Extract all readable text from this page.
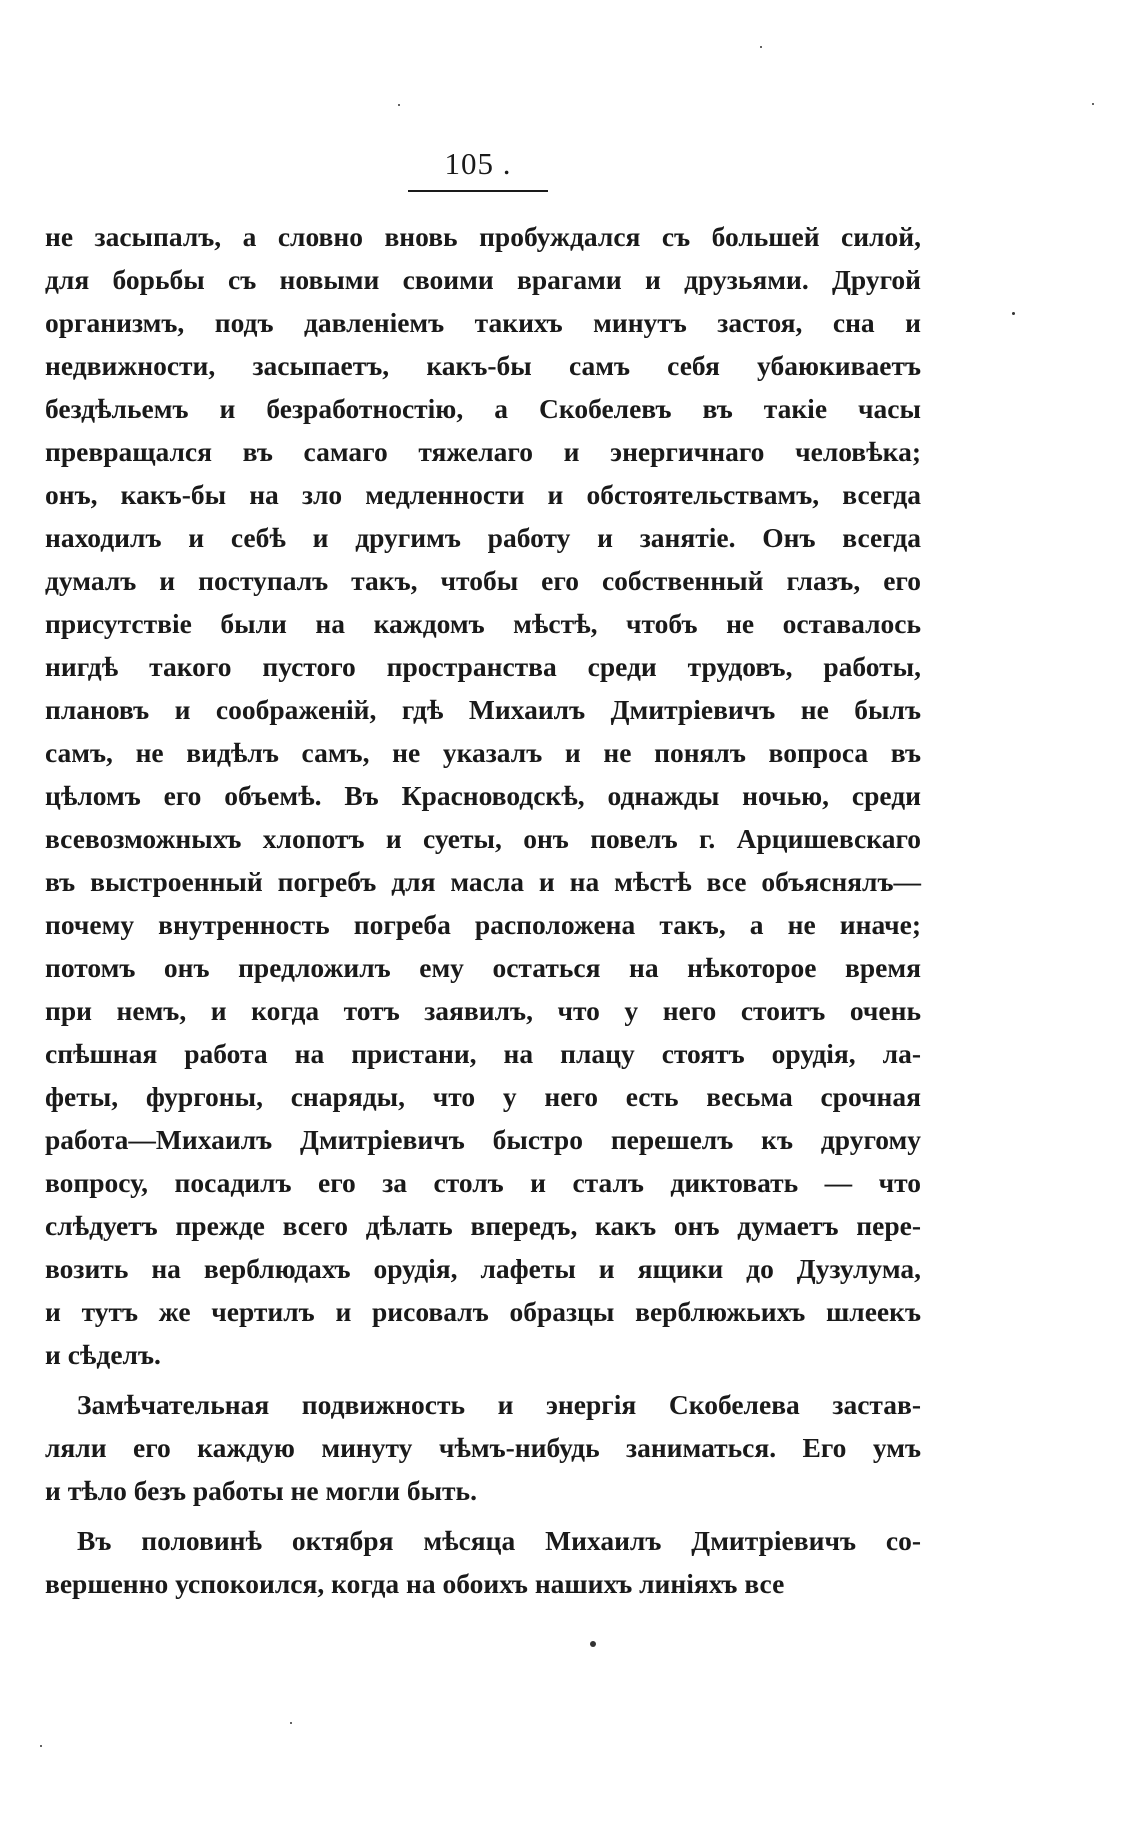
105 .
не засыпалъ, а словно вновь пробуждался съ большей силой,
для борьбы съ новыми своими врагами и друзьями. Другой
организмъ, подъ давленіемъ такихъ минутъ застоя, сна и
недвижности, засыпаетъ, какъ-бы самъ себя убаюкиваетъ
бездѣльемъ и безработностію, а Скобелевъ въ такіе часы
превращался въ самаго тяжелаго и энергичнаго человѣка;
онъ, какъ-бы на зло медленности и обстоятельствамъ, всегда
находилъ и себѣ и другимъ работу и занятіе. Онъ всегда
думалъ и поступалъ такъ, чтобы его собственный глазъ, его
присутствіе были на каждомъ мѣстѣ, чтобъ не оставалось
нигдѣ такого пустого пространства среди трудовъ, работы,
плановъ и соображеній, гдѣ Михаилъ Дмитріевичъ не былъ
самъ, не видѣлъ самъ, не указалъ и не понялъ вопроса въ
цѣломъ его объемѣ. Въ Красноводскѣ, однажды ночью, среди
всевозможныхъ хлопотъ и суеты, онъ повелъ г. Арцишевскаго
въ выстроенный погребъ для масла и на мѣстѣ все объяснялъ—
почему внутренность погреба расположена такъ, а не иначе;
потомъ онъ предложилъ ему остаться на нѣкоторое время
при немъ, и когда тотъ заявилъ, что у него стоитъ очень
спѣшная работа на пристани, на плацу стоятъ орудія, ла-
феты, фургоны, снаряды, что у него есть весьма срочная
работа—Михаилъ Дмитріевичъ быстро перешелъ къ другому
вопросу, посадилъ его за столъ и сталъ диктовать — что
слѣдуетъ прежде всего дѣлать впередъ, какъ онъ думаетъ пере-
возить на верблюдахъ орудія, лафеты и ящики до Дузулума,
и тутъ же чертилъ и рисовалъ образцы верблюжьихъ шлеекъ
и сѣделъ.
Замѣчательная подвижность и энергія Скобелева застав-
ляли его каждую минуту чѣмъ-нибудь заниматься. Его умъ
и тѣло безъ работы не могли быть.
Въ половинѣ октября мѣсяца Михаилъ Дмитріевичъ со-
вершенно успокоился, когда на обоихъ нашихъ линіяхъ все
